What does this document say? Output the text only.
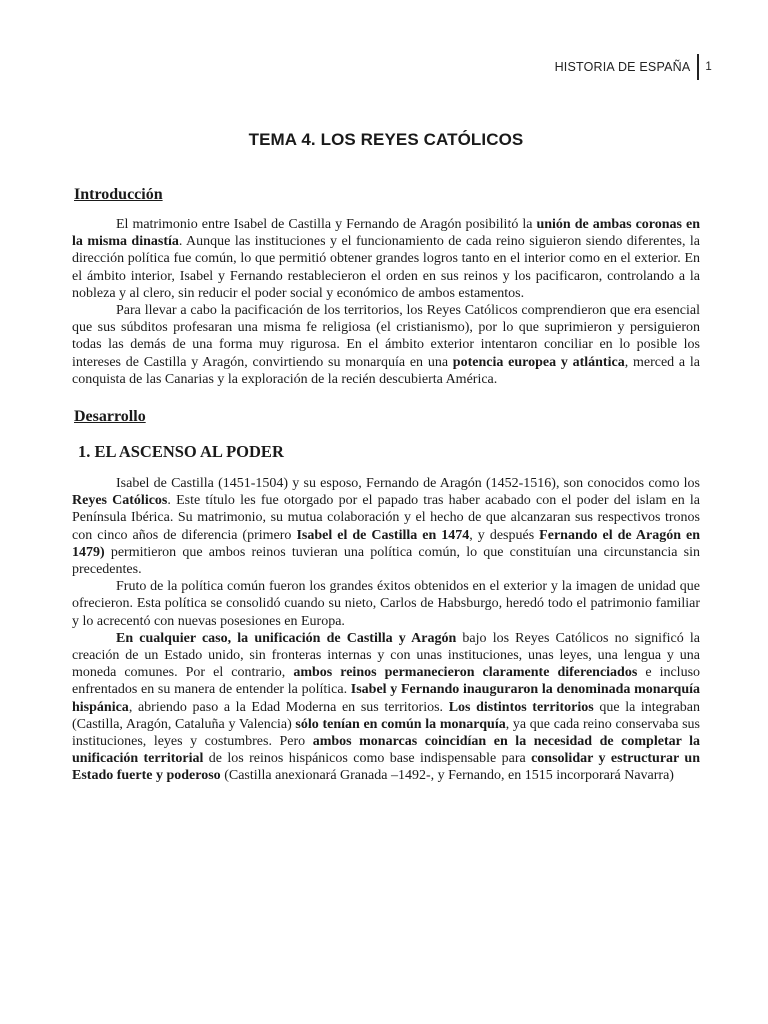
HISTORIA DE ESPAÑA 1
TEMA 4. LOS REYES CATÓLICOS
Introducción

El matrimonio entre Isabel de Castilla y Fernando de Aragón posibilitó la unión de ambas coronas en la misma dinastía. Aunque las instituciones y el funcionamiento de cada reino siguieron siendo diferentes, la dirección política fue común, lo que permitió obtener grandes logros tanto en el interior como en el exterior. En el ámbito interior, Isabel y Fernando restablecieron el orden en sus reinos y los pacificaron, controlando a la nobleza y al clero, sin reducir el poder social y económico de ambos estamentos.

Para llevar a cabo la pacificación de los territorios, los Reyes Católicos comprendieron que era esencial que sus súbditos profesaran una misma fe religiosa (el cristianismo), por lo que suprimieron y persiguieron todas las demás de una forma muy rigurosa. En el ámbito exterior intentaron conciliar en lo posible los intereses de Castilla y Aragón, convirtiendo su monarquía en una potencia europea y atlántica, merced a la conquista de las Canarias y la exploración de la recién descubierta América.

Desarrollo
1. EL ASCENSO AL PODER

Isabel de Castilla (1451-1504) y su esposo, Fernando de Aragón (1452-1516), son conocidos como los Reyes Católicos. Este título les fue otorgado por el papado tras haber acabado con el poder del islam en la Península Ibérica. Su matrimonio, su mutua colaboración y el hecho de que alcanzaran sus respectivos tronos con cinco años de diferencia (primero Isabel el de Castilla en 1474, y después Fernando el de Aragón en 1479) permitieron que ambos reinos tuvieran una política común, lo que constituían una circunstancia sin precedentes.

Fruto de la política común fueron los grandes éxitos obtenidos en el exterior y la imagen de unidad que ofrecieron. Esta política se consolidó cuando su nieto, Carlos de Habsburgo, heredó todo el patrimonio familiar y lo acrecentó con nuevas posesiones en Europa.

En cualquier caso, la unificación de Castilla y Aragón bajo los Reyes Católicos no significó la creación de un Estado unido, sin fronteras internas y con unas instituciones, unas leyes, una lengua y una moneda comunes. Por el contrario, ambos reinos permanecieron claramente diferenciados e incluso enfrentados en su manera de entender la política. Isabel y Fernando inauguraron la denominada monarquía hispánica, abriendo paso a la Edad Moderna en sus territorios. Los distintos territorios que la integraban (Castilla, Aragón, Cataluña y Valencia) sólo tenían en común la monarquía, ya que cada reino conservaba sus instituciones, leyes y costumbres. Pero ambos monarcas coincidían en la necesidad de completar la unificación territorial de los reinos hispánicos como base indispensable para consolidar y estructurar un Estado fuerte y poderoso (Castilla anexionará Granada –1492-, y Fernando, en 1515 incorporará Navarra)
